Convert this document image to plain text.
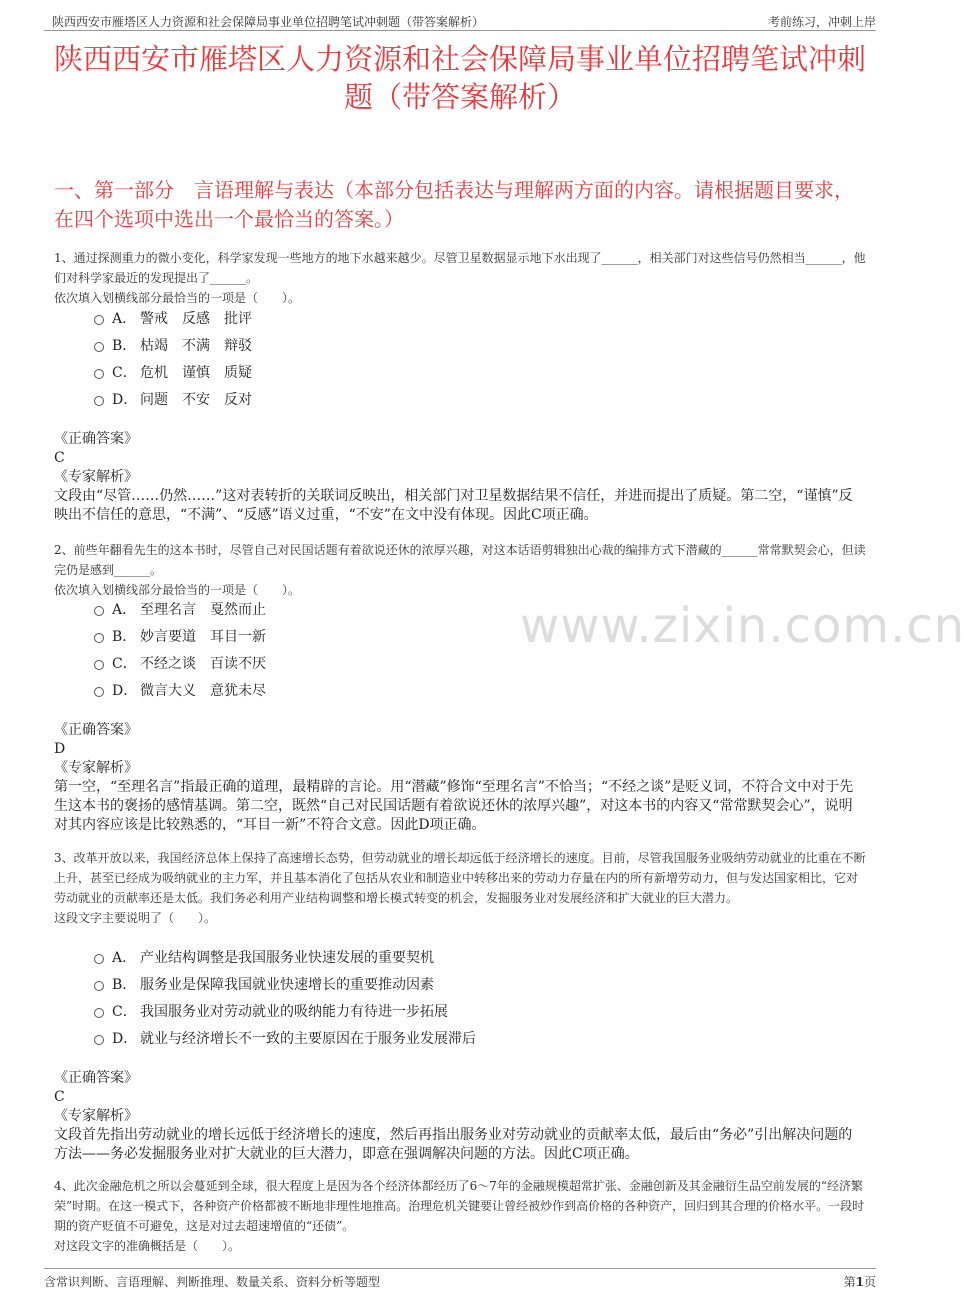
陕西西安市雁塔区人力资源和社会保障局事业单位招聘笔试冲刺题（带答案解析）	考前练习，冲刺上岸
陕西西安市雁塔区人力资源和社会保障局事业单位招聘笔试冲刺题（带答案解析）
一、第一部分　言语理解与表达（本部分包括表达与理解两方面的内容。请根据题目要求，在四个选项中选出一个最恰当的答案。）
www.zixin.com.cn
1、通过探测重力的微小变化，科学家发现一些地方的地下水越来越少。尽管卫星数据显示地下水出现了______，相关部门对这些信号仍然相当______，他们对科学家最近的发现提出了______。
依次填入划横线部分最恰当的一项是（　　）。
A． 警戒　反感　批评
B． 枯竭　不满　辩驳
C． 危机　谨慎　质疑
D． 问题　不安　反对
《正确答案》
C
《专家解析》
文段由“尽管……仍然……”这对表转折的关联词反映出，相关部门对卫星数据结果不信任，并进而提出了质疑。第二空，“谨慎”反映出不信任的意思，“不满”、“反感”语义过重，“不安”在文中没有体现。因此C项正确。
2、前些年翻看先生的这本书时，尽管自己对民国话题有着欲说还休的浓厚兴趣，对这本话语剪辑独出心裁的编排方式下潜藏的______常常默契会心，但读完仍是感到______。
依次填入划横线部分最恰当的一项是（　　）。
A． 至理名言　戛然而止
B． 妙言要道　耳目一新
C． 不经之谈　百读不厌
D． 微言大义　意犹未尽
《正确答案》
D
《专家解析》
第一空，“至理名言”指最正确的道理，最精辟的言论。用“潜藏”修饰“至理名言”不恰当；“不经之谈”是贬义词，不符合文中对于先生这本书的褒扬的感情基调。第二空，既然“自己对民国话题有着欲说还休的浓厚兴趣”，对这本书的内容又“常常默契会心”，说明对其内容应该是比较熟悉的，“耳目一新”不符合文意。因此D项正确。
3、改革开放以来，我国经济总体上保持了高速增长态势，但劳动就业的增长却远低于经济增长的速度。目前，尽管我国服务业吸纳劳动就业的比重在不断上升，甚至已经成为吸纳就业的主力军，并且基本消化了包括从农业和制造业中转移出来的劳动力存量在内的所有新增劳动力，但与发达国家相比，它对劳动就业的贡献率还是太低。我们务必利用产业结构调整和增长模式转变的机会，发掘服务业对发展经济和扩大就业的巨大潜力。
这段文字主要说明了（　　）。
A． 产业结构调整是我国服务业快速发展的重要契机
B． 服务业是保障我国就业快速增长的重要推动因素
C． 我国服务业对劳动就业的吸纳能力有待进一步拓展
D． 就业与经济增长不一致的主要原因在于服务业发展滞后
《正确答案》
C
《专家解析》
文段首先指出劳动就业的增长远低于经济增长的速度，然后再指出服务业对劳动就业的贡献率太低，最后由“务必”引出解决问题的方法——务必发掘服务业对扩大就业的巨大潜力，即意在强调解决问题的方法。因此C项正确。
4、此次金融危机之所以会蔓延到全球，很大程度上是因为各个经济体都经历了6～7年的金融规模超常扩张、金融创新及其金融衍生品空前发展的“经济繁荣”时期。在这一模式下，各种资产价格都被不断地非理性地推高。治理危机关键要让曾经被炒作到高价格的各种资产，回归到其合理的价格水平。一段时期的资产贬值不可避免，这是对过去超速增值的“还债”。
对这段文字的准确概括是（　　）。
含常识判断、言语理解、判断推理、数量关系、资料分析等题型	第1页
